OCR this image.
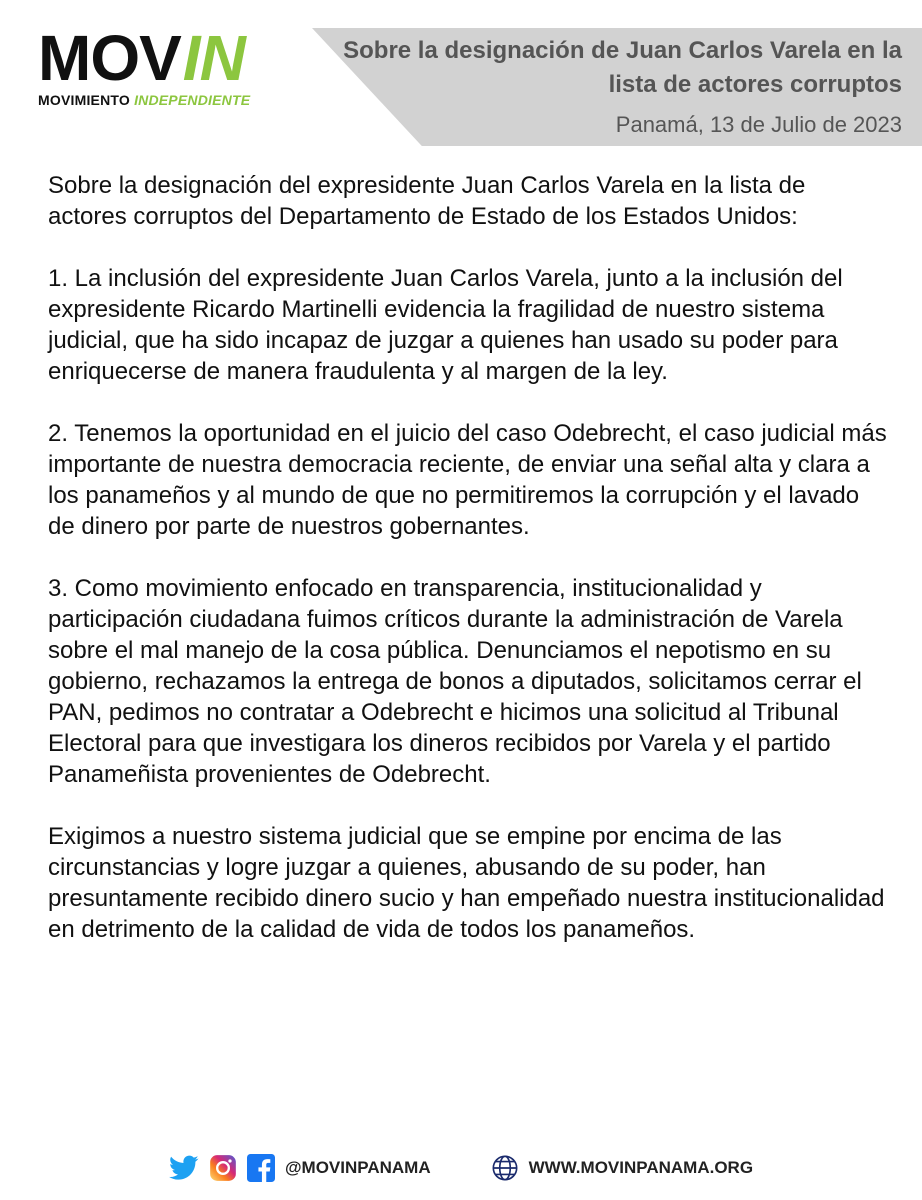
MOVIN
MOVIMIENTO INDEPENDIENTE
Sobre la designación de Juan Carlos Varela en la lista de actores corruptos
Panamá, 13 de Julio de 2023

Sobre la designación del expresidente Juan Carlos Varela en la lista de actores corruptos del Departamento de Estado de los Estados Unidos:

1. La inclusión del expresidente Juan Carlos Varela, junto a la inclusión del expresidente Ricardo Martinelli evidencia la fragilidad de nuestro sistema judicial, que ha sido incapaz de juzgar a quienes han usado su poder para enriquecerse de manera fraudulenta y al margen de la ley.

2. Tenemos la oportunidad en el juicio del caso Odebrecht, el caso judicial más importante de nuestra democracia reciente, de enviar una señal alta y clara a los panameños y al mundo de que no permitiremos la corrupción y el lavado de dinero por parte de nuestros gobernantes.

3. Como movimiento enfocado en transparencia, institucionalidad y participación ciudadana fuimos críticos durante la administración de Varela sobre el mal manejo de la cosa pública. Denunciamos el nepotismo en su gobierno, rechazamos la entrega de bonos a diputados, solicitamos cerrar el PAN, pedimos no contratar a Odebrecht e hicimos una solicitud al Tribunal Electoral para que investigara los dineros recibidos por Varela y el partido Panameñista provenientes de Odebrecht.

Exigimos a nuestro sistema judicial que se empine por encima de las circunstancias y logre juzgar a quienes, abusando de su poder, han presuntamente recibido dinero sucio y han empeñado nuestra institucionalidad en detrimento de la calidad de vida de todos los panameños.

@MOVINPANAMA	WWW.MOVINPANAMA.ORG
